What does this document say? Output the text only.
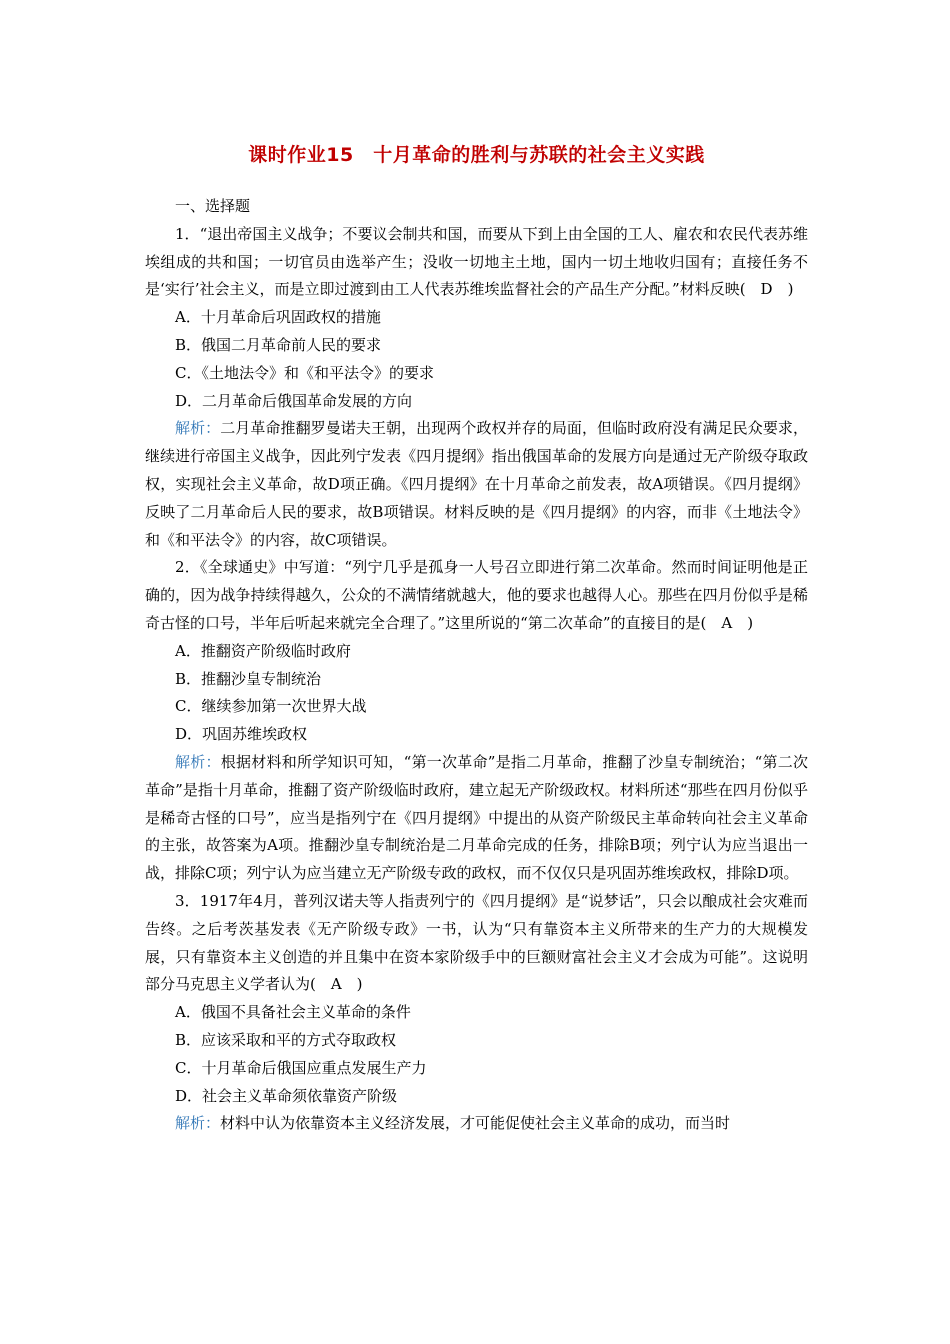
课时作业15　十月革命的胜利与苏联的社会主义实践

一、选择题

1．“退出帝国主义战争；不要议会制共和国，而要从下到上由全国的工人、雇农和农民代表苏维埃组成的共和国；一切官员由选举产生；没收一切地主土地，国内一切土地收归国有；直接任务不是‘实行’社会主义，而是立即过渡到由工人代表苏维埃监督社会的产品生产分配。”材料反映(　D　)

A．十月革命后巩固政权的措施

B．俄国二月革命前人民的要求

C．《土地法令》和《和平法令》的要求

D．二月革命后俄国革命发展的方向

解析：二月革命推翻罗曼诺夫王朝，出现两个政权并存的局面，但临时政府没有满足民众要求，继续进行帝国主义战争，因此列宁发表《四月提纲》指出俄国革命的发展方向是通过无产阶级夺取政权，实现社会主义革命，故D项正确。《四月提纲》在十月革命之前发表，故A项错误。《四月提纲》反映了二月革命后人民的要求，故B项错误。材料反映的是《四月提纲》的内容，而非《土地法令》和《和平法令》的内容，故C项错误。

2．《全球通史》中写道：“列宁几乎是孤身一人号召立即进行第二次革命。然而时间证明他是正确的，因为战争持续得越久，公众的不满情绪就越大，他的要求也越得人心。那些在四月份似乎是稀奇古怪的口号，半年后听起来就完全合理了。”这里所说的“第二次革命”的直接目的是(　A　)

A．推翻资产阶级临时政府

B．推翻沙皇专制统治

C．继续参加第一次世界大战

D．巩固苏维埃政权

解析：根据材料和所学知识可知，“第一次革命”是指二月革命，推翻了沙皇专制统治；“第二次革命”是指十月革命，推翻了资产阶级临时政府，建立起无产阶级政权。材料所述“那些在四月份似乎是稀奇古怪的口号”，应当是指列宁在《四月提纲》中提出的从资产阶级民主革命转向社会主义革命的主张，故答案为A项。推翻沙皇专制统治是二月革命完成的任务，排除B项；列宁认为应当退出一战，排除C项；列宁认为应当建立无产阶级专政的政权，而不仅仅只是巩固苏维埃政权，排除D项。

3．1917年4月，普列汉诺夫等人指责列宁的《四月提纲》是“说梦话”，只会以酿成社会灾难而告终。之后考茨基发表《无产阶级专政》一书，认为“只有靠资本主义所带来的生产力的大规模发展，只有靠资本主义创造的并且集中在资本家阶级手中的巨额财富社会主义才会成为可能”。这说明部分马克思主义学者认为(　A　)

A．俄国不具备社会主义革命的条件

B．应该采取和平的方式夺取政权

C．十月革命后俄国应重点发展生产力

D．社会主义革命须依靠资产阶级

解析：材料中认为依靠资本主义经济发展，才可能促使社会主义革命的成功，而当时
